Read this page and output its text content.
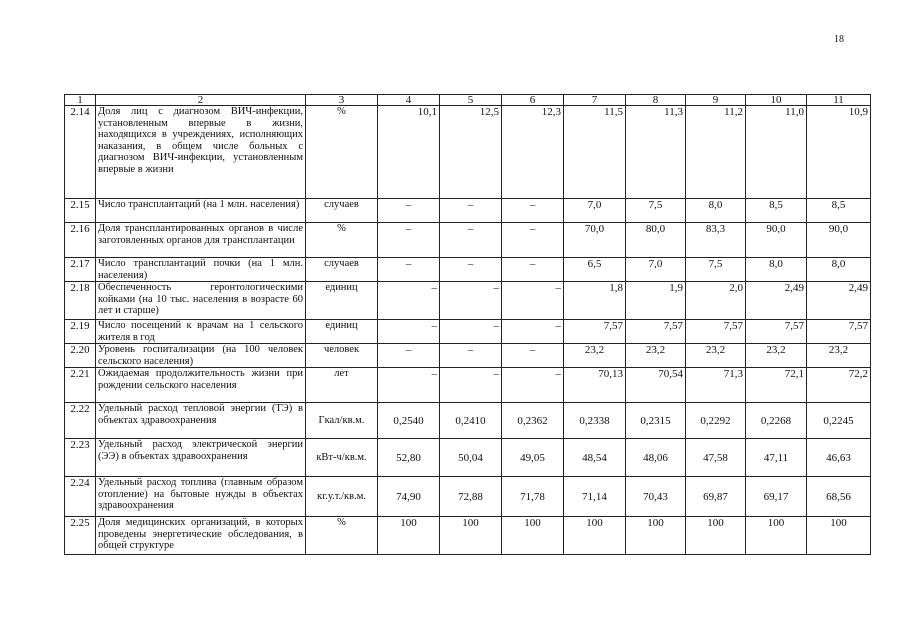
18
1	2	3	4	5	6	7	8	9	10	11
2.14	Доля лиц с диагнозом ВИЧ-инфекции, установленным впервые в жизни, находящихся в учреждениях, исполняющих наказания, в общем числе больных с диагнозом ВИЧ-инфекции, установленным впервые в жизни	%	10,1	12,5	12,3	11,5	11,3	11,2	11,0	10,9
2.15	Число трансплантаций (на 1 млн. населения)	случаев	–	–	–	7,0	7,5	8,0	8,5	8,5
2.16	Доля трансплантированных органов в числе заготовленных органов для трансплантации	%	–	–	–	70,0	80,0	83,3	90,0	90,0
2.17	Число трансплантаций почки (на 1 млн. населения)	случаев	–	–	–	6,5	7,0	7,5	8,0	8,0
2.18	Обеспеченность геронтологическими койками (на 10 тыс. населения в возрасте 60 лет и старше)	единиц	–	–	–	1,8	1,9	2,0	2,49	2,49
2.19	Число посещений к врачам на 1 сельского жителя в год	единиц	–	–	–	7,57	7,57	7,57	7,57	7,57
2.20	Уровень госпитализации (на 100 человек сельского населения)	человек	–	–	–	23,2	23,2	23,2	23,2	23,2
2.21	Ожидаемая продолжительность жизни при рождении сельского населения	лет	–	–	–	70,13	70,54	71,3	72,1	72,2
2.22	Удельный расход тепловой энергии (ТЭ) в объектах здравоохранения	Гкал/кв.м.	0,2540	0,2410	0,2362	0,2338	0,2315	0,2292	0,2268	0,2245
2.23	Удельный расход электрической энергии (ЭЭ) в объектах здравоохранения	кВт-ч/кв.м.	52,80	50,04	49,05	48,54	48,06	47,58	47,11	46,63
2.24	Удельный расход топлива (главным образом отопление) на бытовые нужды в объектах здравоохранения	кг.у.т./кв.м.	74,90	72,88	71,78	71,14	70,43	69,87	69,17	68,56
2.25	Доля медицинских организаций, в которых проведены энергетические обследования, в общей структуре	%	100	100	100	100	100	100	100	100
